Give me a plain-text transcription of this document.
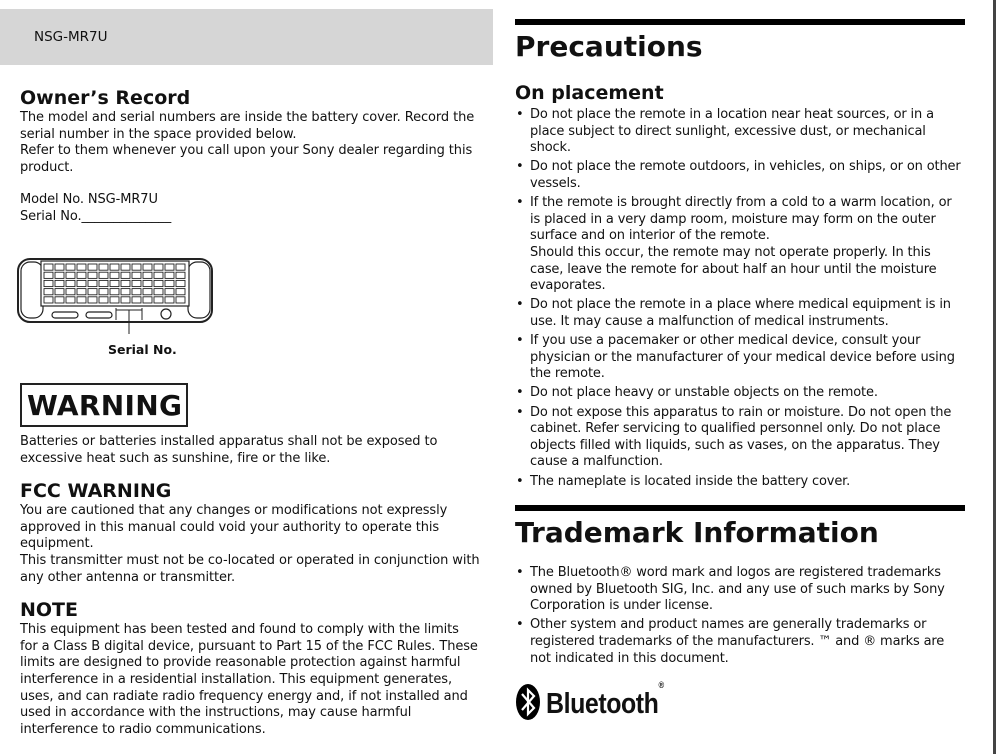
NSG-MR7U
Owner’s Record

The model and serial numbers are inside the battery cover. Record the serial number in the space provided below.

Refer to them whenever you call upon your Sony dealer regarding this product.

Model No. NSG-MR7U

Serial No.______________

Serial No.
WARNING

Batteries or batteries installed apparatus shall not be exposed to excessive heat such as sunshine, fire or the like.

FCC WARNING

You are cautioned that any changes or modifications not expressly approved in this manual could void your authority to operate this equipment.

This transmitter must not be co-located or operated in conjunction with any other antenna or transmitter.

NOTE

This equipment has been tested and found to comply with the limits for a Class B digital device, pursuant to Part 15 of the FCC Rules. These limits are designed to provide reasonable protection against harmful interference in a residential installation. This equipment generates, uses, and can radiate radio frequency energy and, if not installed and used in accordance with the instructions, may cause harmful interference to radio communications.

Precautions
On placement
• Do not place the remote in a location near heat sources, or in a place subject to direct sunlight, excessive dust, or mechanical shock.
• Do not place the remote outdoors, in vehicles, on ships, or on other vessels.
• If the remote is brought directly from a cold to a warm location, or is placed in a very damp room, moisture may form on the outer surface and on interior of the remote.
Should this occur, the remote may not operate properly. In this case, leave the remote for about half an hour until the moisture evaporates.
• Do not place the remote in a place where medical equipment is in use. It may cause a malfunction of medical instruments.
• If you use a pacemaker or other medical device, consult your physician or the manufacturer of your medical device before using the remote.
• Do not place heavy or unstable objects on the remote.
• Do not expose this apparatus to rain or moisture. Do not open the cabinet. Refer servicing to qualified personnel only. Do not place objects filled with liquids, such as vases, on the apparatus. They cause a malfunction.
• The nameplate is located inside the battery cover.
Trademark Information
• The Bluetooth® word mark and logos are registered trademarks owned by Bluetooth SIG, Inc. and any use of such marks by Sony Corporation is under license.
• Other system and product names are generally trademarks or registered trademarks of the manufacturers. ™ and ® marks are not indicated in this document.
Bluetooth®
